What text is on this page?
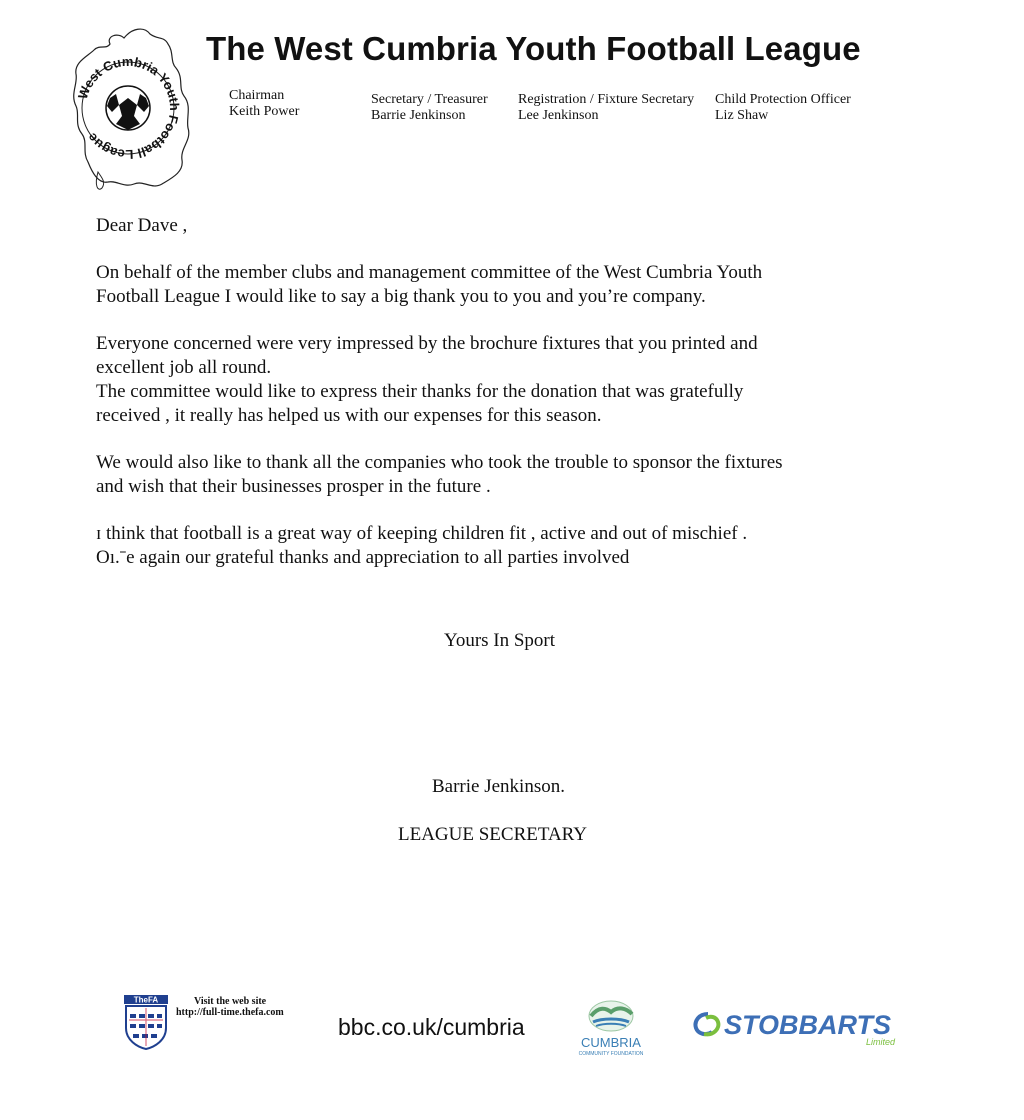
West Cumbria Youth Football League
The West Cumbria Youth Football League
Chairman
Keith Power
Secretary / Treasurer
Barrie Jenkinson
Registration / Fixture Secretary
Lee Jenkinson
Child Protection Officer
Liz Shaw

Dear Dave ,

On behalf of the member clubs and management committee of the West Cumbria Youth
Football League I would like to say a big thank you to you and you’re company.

Everyone concerned were very impressed by the brochure fixtures that you printed and
excellent job all round.
The committee would like to express their thanks for the donation that was gratefully
received , it really has helped us with our expenses for this season.

We would also like to thank all the companies who took the trouble to sponsor the fixtures
and wish that their businesses prosper in the future .

ɪ think that football is a great way of keeping children fit , active and out of mischief .
Oı.ˉe again our grateful thanks and appreciation to all parties involved

Yours In Sport
Barrie Jenkinson.
LEAGUE SECRETARY
TheFA	Visit the web site
http://full-time.thefa.com
bbc.co.uk/cumbria
CUMBRIA
COMMUNITY FOUNDATION
STOBBARTS
Limited
